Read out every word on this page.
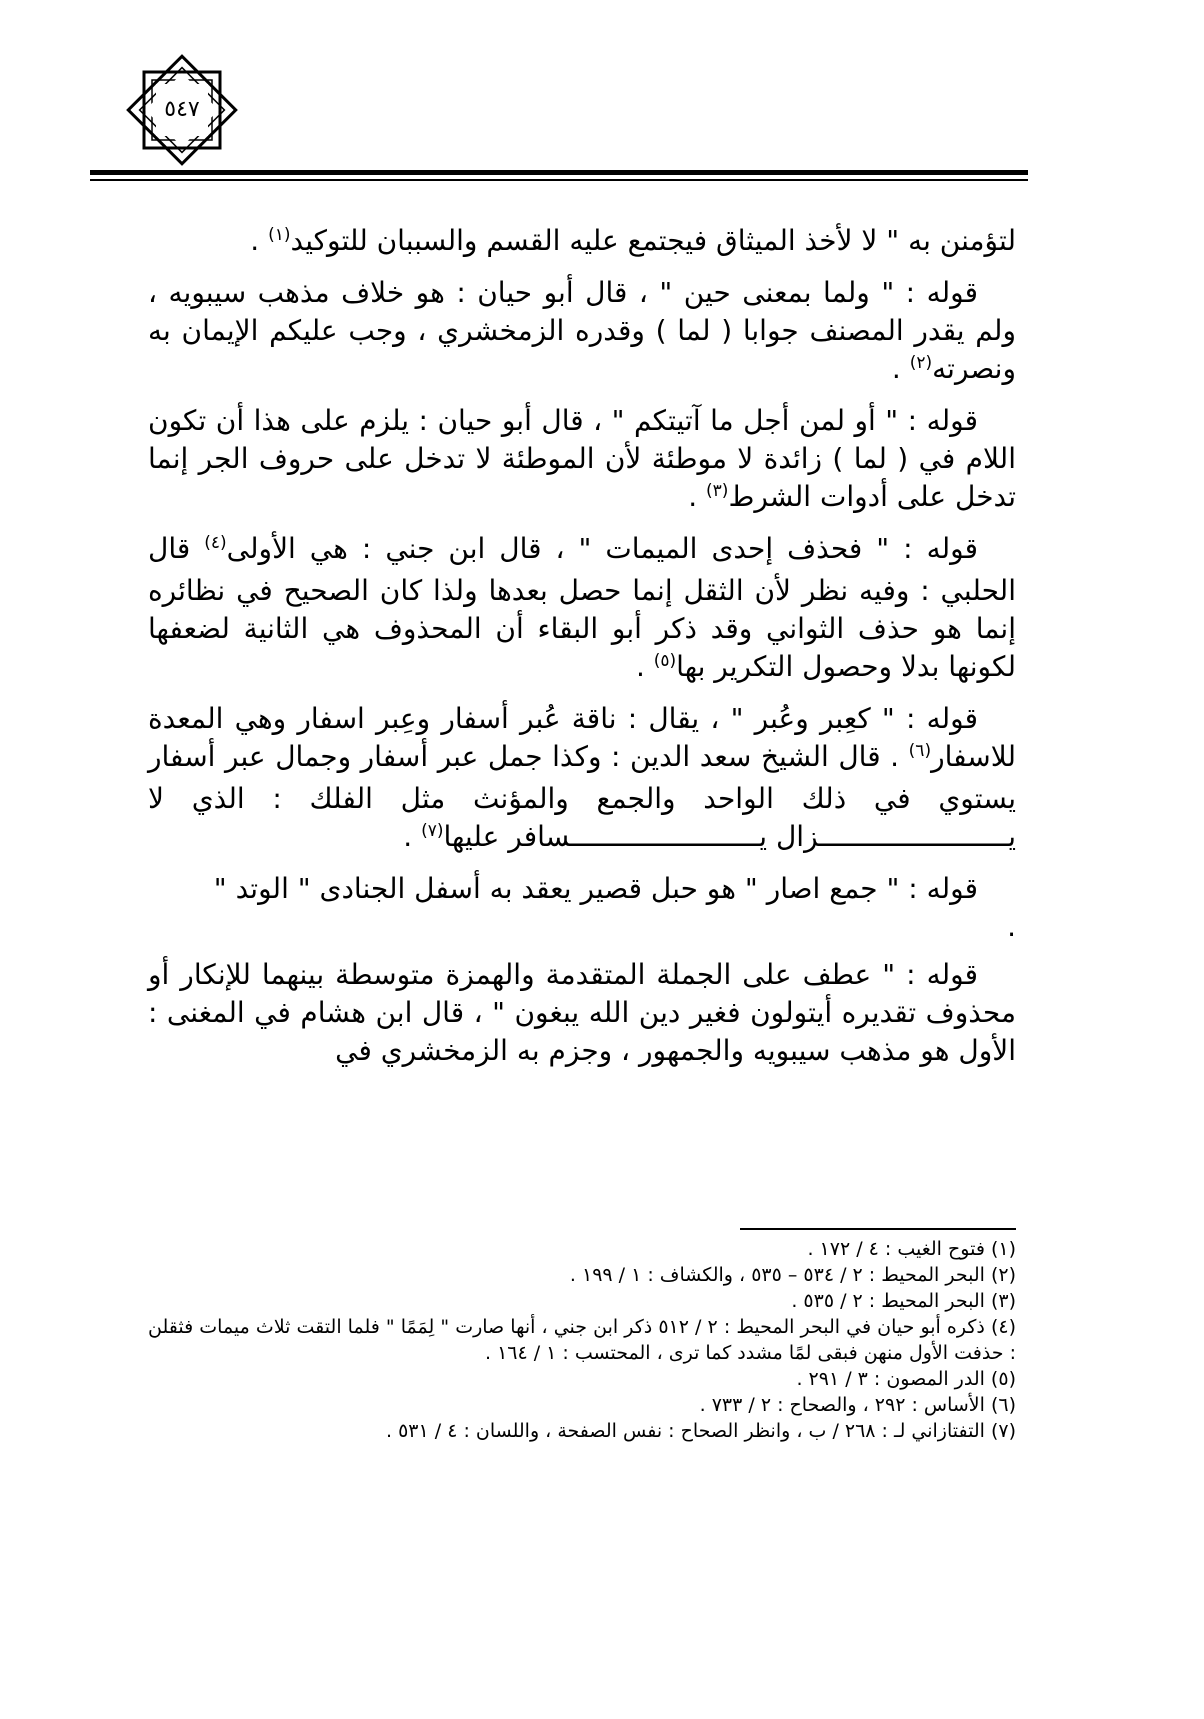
٥٤٧

لتؤمنن به " لا لأخذ الميثاق فيجتمع عليه القسم والسببان للتوكيد$^{(١)}$ .

قوله : " ولما بمعنى حين " ، قال أبو حيان : هو خلاف مذهب سيبويه ، ولم يقدر المصنف جوابا ( لما ) وقدره الزمخشري ، وجب عليكم الإيمان به ونصرته$^{(٢)}$ .

قوله : " أو لمن أجل ما آتيتكم " ، قال أبو حيان : يلزم على هذا أن تكون اللام في ( لما ) زائدة لا موطئة لأن الموطئة لا تدخل على حروف الجر إنما تدخل على أدوات الشرط$^{(٣)}$ .

قوله : " فحذف إحدى الميمات " ، قال ابن جني : هي الأولى$^{(٤)}$ قال الحلبي : وفيه نظر لأن الثقل إنما حصل بعدها ولذا كان الصحيح في نظائره إنما هو حذف الثواني وقد ذكر أبو البقاء أن المحذوف هي الثانية لضعفها لكونها بدلا وحصول التكرير بها$^{(٥)}$ .

قوله : " كعِبر وعُبر " ، يقال : ناقة عُبر أسفار وعِبر اسفار وهي المعدة للاسفار$^{(٦)}$ . قال الشيخ سعد الدين : وكذا جمل عبر أسفار وجمال عبر أسفار يستوي في ذلك الواحد والجمع والمؤنث مثل الفلك : الذي لا يـــــــــــــــــــــــزال يـــــــــــــــــــــــسافر عليها$^{(٧)}$ .

قوله : " جمع اصار " هو حبل قصير يعقد به أسفل الجنادى " الوتد "
.

قوله : " عطف على الجملة المتقدمة والهمزة متوسطة بينهما للإنكار أو محذوف تقديره أيتولون فغير دين الله يبغون " ، قال ابن هشام في المغنى : الأول هو مذهب سيبويه والجمهور ، وجزم به الزمخشري في

(١) فتوح الغيب : ٤ / ١٧٢ .

(٢) البحر المحيط : ٢ / ٥٣٤ – ٥٣٥ ، والكشاف : ١ / ١٩٩ .

(٣) البحر المحيط : ٢ / ٥٣٥ .

(٤) ذكره أبو حيان في البحر المحيط : ٢ / ٥١٢ ذكر ابن جني ، أنها صارت " لِمَمًا " فلما التقت ثلاث ميمات فثقلن : حذفت الأول منهن فبقى لمًا مشدد كما ترى ، المحتسب : ١ / ١٦٤ .

(٥) الدر المصون : ٣ / ٢٩١ .

(٦) الأساس : ٢٩٢ ، والصحاح : ٢ / ٧٣٣ .

(٧) التفتازاني لـ : ٢٦٨ / ب ، وانظر الصحاح : نفس الصفحة ، واللسان : ٤ / ٥٣١ .
